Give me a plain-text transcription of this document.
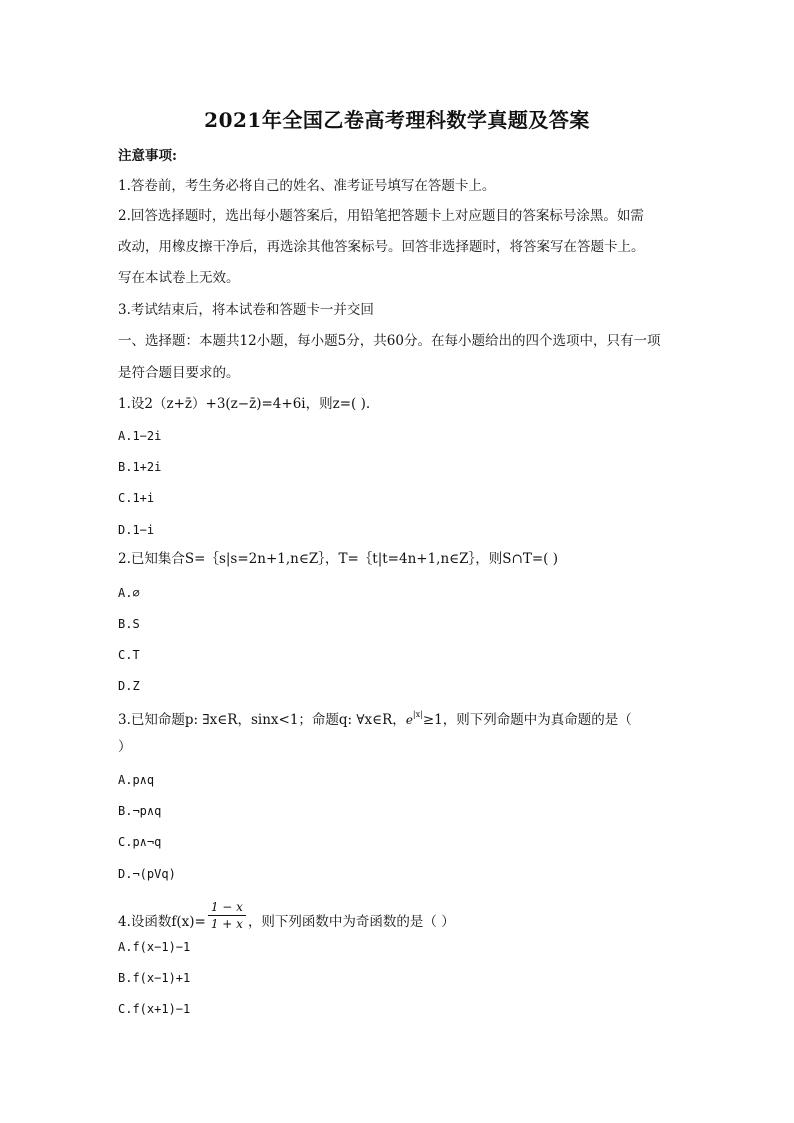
2021年全国乙卷高考理科数学真题及答案
注意事项:
1.答卷前，考生务必将自己的姓名、准考证号填写在答题卡上。
2.回答选择题时，选出每小题答案后，用铅笔把答题卡上对应题目的答案标号涂黑。如需
改动，用橡皮擦干净后，再选涂其他答案标号。回答非选择题时，将答案写在答题卡上。
写在本试卷上无效。
3.考试结束后，将本试卷和答题卡一并交回
一、选择题：本题共12小题，每小题5分，共60分。在每小题给出的四个选项中，只有一项
是符合题目要求的。
1.设2（z+z̄）+3(z−z̄)=4+6i，则z=( ).
A.1−2i
B.1+2i
C.1+i
D.1−i
2.已知集合S=｛s|s=2n+1,n∈Z｝，T=｛t|t=4n+1,n∈Z｝，则S∩T=( )
A.∅
B.S
C.T
D.Z
3.已知命题p: ∃x∈R，sinx<1；命题q: ∀x∈R，$e^{|x|}\ge 1$，则下列命题中为真命题的是（
）
A.p∧q
B.¬p∧q
C.p∧¬q
D.¬(pVq)
4.设函数$f(x)= \frac{1 - x}{1 + x}$ ，则下列函数中为奇函数的是（ ）
A.f(x−1)−1
B.f(x−1)+1
C.f(x+1)−1
